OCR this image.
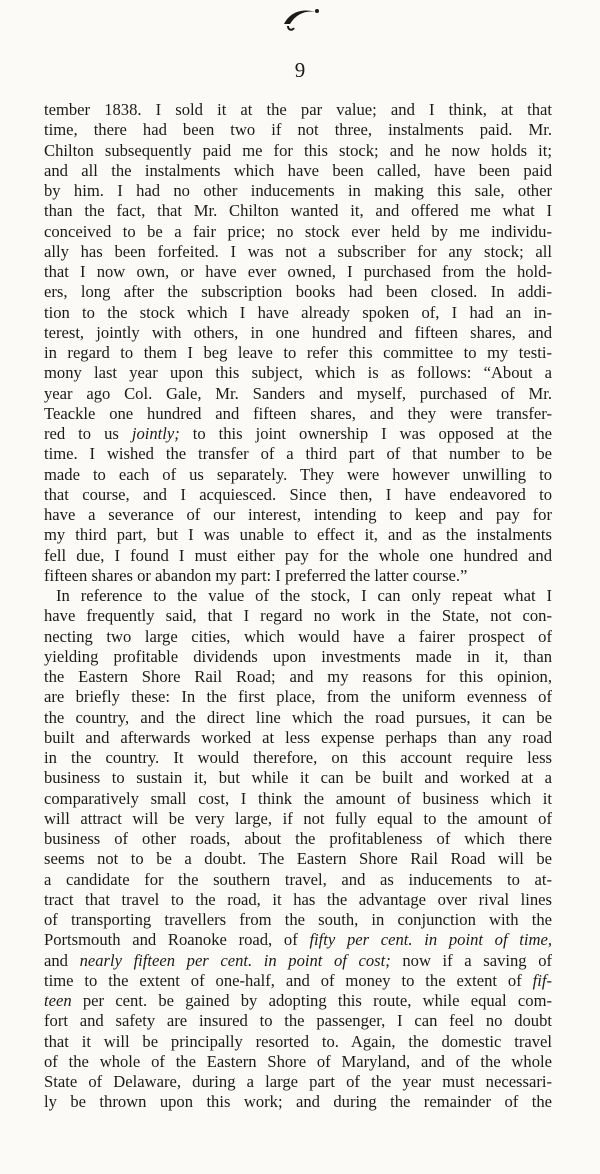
9
tember 1838. I sold it at the par value; and I think, at that
time, there had been two if not three, instalments paid. Mr.
Chilton subsequently paid me for this stock; and he now holds it;
and all the instalments which have been called, have been paid
by him. I had no other inducements in making this sale, other
than the fact, that Mr. Chilton wanted it, and offered me what I
conceived to be a fair price; no stock ever held by me individu-
ally has been forfeited. I was not a subscriber for any stock; all
that I now own, or have ever owned, I purchased from the hold-
ers, long after the subscription books had been closed. In addi-
tion to the stock which I have already spoken of, I had an in-
terest, jointly with others, in one hundred and fifteen shares, and
in regard to them I beg leave to refer this committee to my testi-
mony last year upon this subject, which is as follows: “About a
year ago Col. Gale, Mr. Sanders and myself, purchased of Mr.
Teackle one hundred and fifteen shares, and they were transfer-
red to us jointly; to this joint ownership I was opposed at the
time. I wished the transfer of a third part of that number to be
made to each of us separately. They were however unwilling to
that course, and I acquiesced. Since then, I have endeavored to
have a severance of our interest, intending to keep and pay for
my third part, but I was unable to effect it, and as the instalments
fell due, I found I must either pay for the whole one hundred and
fifteen shares or abandon my part: I preferred the latter course.”
In reference to the value of the stock, I can only repeat what I
have frequently said, that I regard no work in the State, not con-
necting two large cities, which would have a fairer prospect of
yielding profitable dividends upon investments made in it, than
the Eastern Shore Rail Road; and my reasons for this opinion,
are briefly these: In the first place, from the uniform evenness of
the country, and the direct line which the road pursues, it can be
built and afterwards worked at less expense perhaps than any road
in the country. It would therefore, on this account require less
business to sustain it, but while it can be built and worked at a
comparatively small cost, I think the amount of business which it
will attract will be very large, if not fully equal to the amount of
business of other roads, about the profitableness of which there
seems not to be a doubt. The Eastern Shore Rail Road will be
a candidate for the southern travel, and as inducements to at-
tract that travel to the road, it has the advantage over rival lines
of transporting travellers from the south, in conjunction with the
Portsmouth and Roanoke road, of fifty per cent. in point of time,
and nearly fifteen per cent. in point of cost; now if a saving of
time to the extent of one-half, and of money to the extent of fif-
teen per cent. be gained by adopting this route, while equal com-
fort and safety are insured to the passenger, I can feel no doubt
that it will be principally resorted to. Again, the domestic travel
of the whole of the Eastern Shore of Maryland, and of the whole
State of Delaware, during a large part of the year must necessari-
ly be thrown upon this work; and during the remainder of the
